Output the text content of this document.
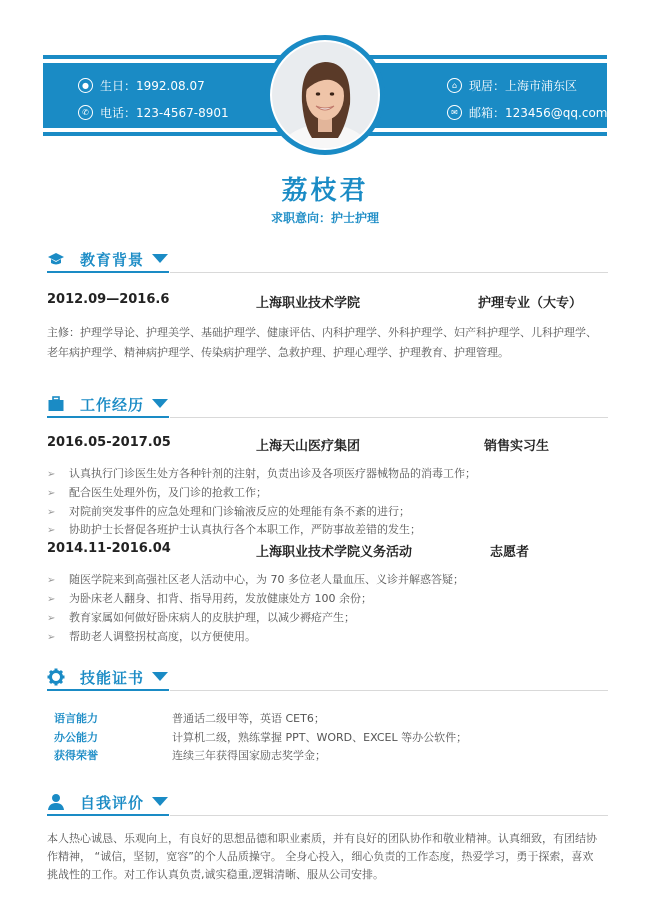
● 生日：1992.08.07
✆ 电话：123-4567-8901
⌂ 现居：上海市浦东区
✉ 邮箱：123456@qq.com
荔枝君
求职意向：护士护理
教育背景
2012.09—2016.6	上海职业技术学院	护理专业（大专）
主修：护理学导论、护理美学、基础护理学、健康评估、内科护理学、外科护理学、妇产科护理学、儿科护理学、
老年病护理学、精神病护理学、传染病护理学、急救护理、护理心理学、护理教育、护理管理。
工作经历
2016.05-2017.05	上海天山医疗集团	销售实习生
➢ 认真执行门诊医生处方各种针剂的注射，负责出诊及各项医疗器械物品的消毒工作；
➢ 配合医生处理外伤，及门诊的抢救工作；
➢ 对院前突发事件的应急处理和门诊输液反应的处理能有条不紊的进行；
➢ 协助护士长督促各班护士认真执行各个本职工作，严防事故差错的发生；
2014.11-2016.04	上海职业技术学院义务活动	志愿者
➢ 随医学院来到高强社区老人活动中心，为 70 多位老人量血压、义诊并解惑答疑；
➢ 为卧床老人翻身、扣背、指导用药，发放健康处方 100 余份；
➢ 教育家属如何做好卧床病人的皮肤护理，以减少褥疮产生；
➢ 帮助老人调整拐杖高度，以方便使用。
技能证书
语言能力	普通话二级甲等，英语 CET6；
办公能力	计算机二级，熟练掌握 PPT、WORD、EXCEL 等办公软件；
获得荣誉	连续三年获得国家励志奖学金；
自我评价
本人热心诚恳、乐观向上，有良好的思想品德和职业素质，并有良好的团队协作和敬业精神。认真细致，有团结协
作精神， “诚信，坚韧，宽容”的个人品质操守。 全身心投入，细心负责的工作态度，热爱学习，勇于探索，喜欢
挑战性的工作。对工作认真负责,诚实稳重,逻辑清晰、服从公司安排。
